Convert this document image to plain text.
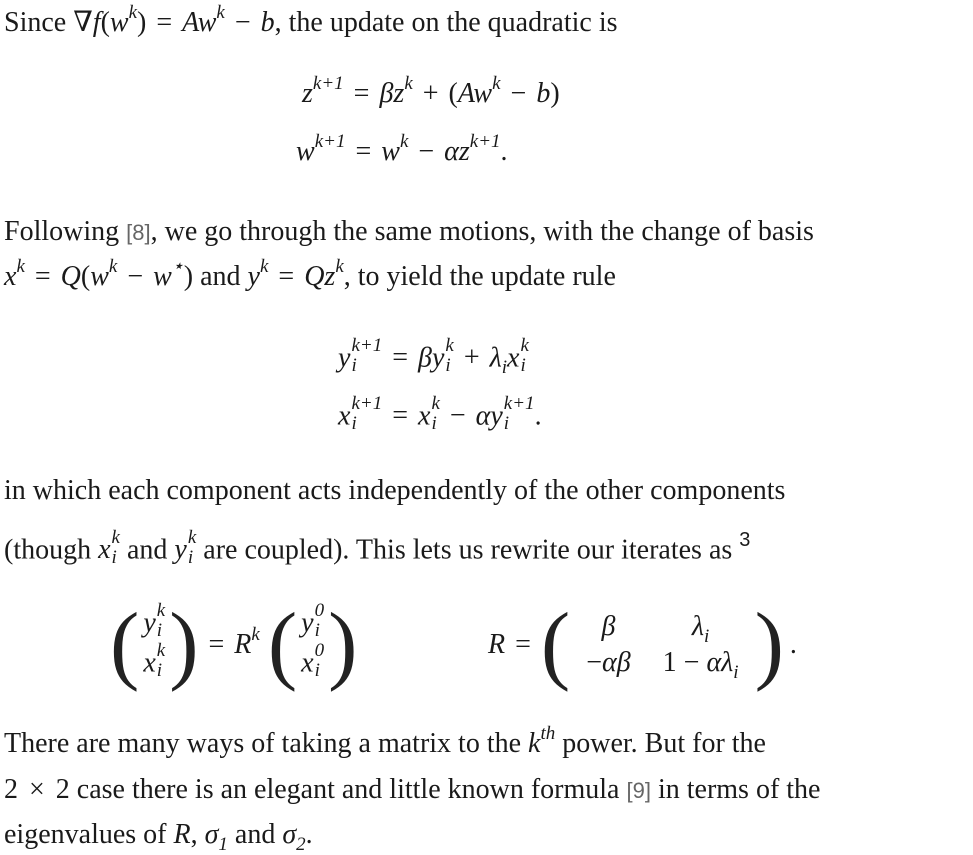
Since $\nabla f(w^k) = Aw^k - b$, the update on the quadratic is
$z^{k+1} = \beta z^k + (Aw^k - b)$
$w^{k+1} = w^k - \alpha z^{k+1}$.
Following [8], we go through the same motions, with the change of basis
$x^k = Q(w^k - w^⋆)$ and $y^k = Qz^k$, to yield the update rule
y k+1
i	= βy k
$i + \lambda_ix$ k
i
x k+1
i	= x k
i − αy k+1
i .
in which each component acts independently of the other components
(though x k
i and y k
i are coupled). This lets us rewrite our iterates as $^3$
( y k
i
x k
i ) = $R^k$ ( y 0
i
x 0
i )	R = ( β	$\lambda_i$
−αβ	$1 - \alpha\lambda_i$ ) .
There are many ways of taking a matrix to the $k^{th}$ power. But for the
2 × 2 case there is an elegant and little known formula [9] in terms of the
eigenvalues of R, $\sigma_1$ and $\sigma_2$.
